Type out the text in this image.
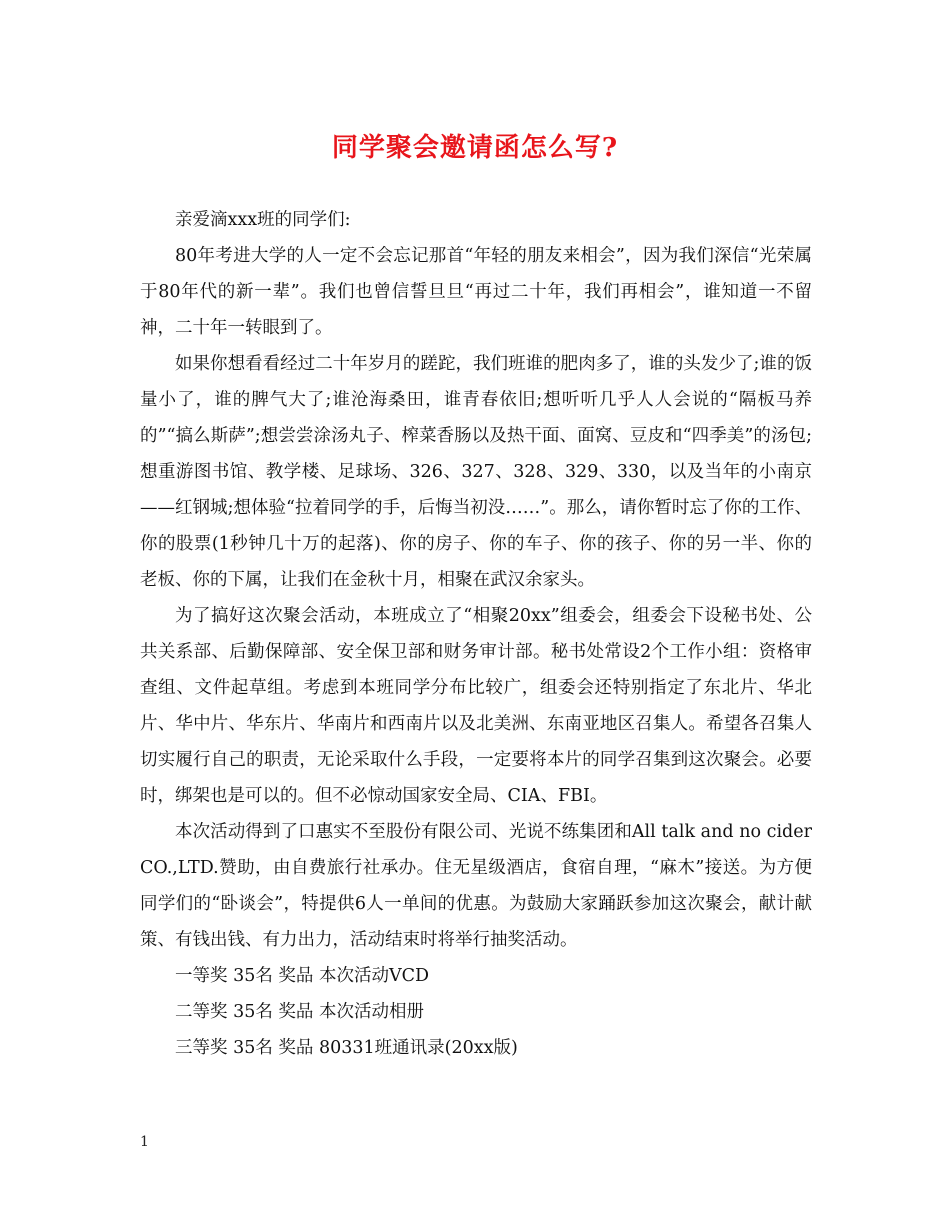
同学聚会邀请函怎么写?

亲爱滴xxx班的同学们:

80年考进大学的人一定不会忘记那首“年轻的朋友来相会”，因为我们深信“光荣属于80年代的新一辈”。我们也曾信誓旦旦“再过二十年，我们再相会”，谁知道一不留神，二十年一转眼到了。

如果你想看看经过二十年岁月的蹉跎，我们班谁的肥肉多了，谁的头发少了;谁的饭量小了，谁的脾气大了;谁沧海桑田，谁青春依旧;想听听几乎人人会说的“隔板马养的”“搞么斯萨”;想尝尝涂汤丸子、榨菜香肠以及热干面、面窝、豆皮和“四季美”的汤包;想重游图书馆、教学楼、足球场、326、327、328、329、330，以及当年的小南京——红钢城;想体验“拉着同学的手，后悔当初没……”。那么，请你暂时忘了你的工作、你的股票(1秒钟几十万的起落)、你的房子、你的车子、你的孩子、你的另一半、你的老板、你的下属，让我们在金秋十月，相聚在武汉余家头。

为了搞好这次聚会活动，本班成立了“相聚20xx”组委会，组委会下设秘书处、公共关系部、后勤保障部、安全保卫部和财务审计部。秘书处常设2个工作小组：资格审查组、文件起草组。考虑到本班同学分布比较广，组委会还特别指定了东北片、华北片、华中片、华东片、华南片和西南片以及北美洲、东南亚地区召集人。希望各召集人切实履行自己的职责，无论采取什么手段，一定要将本片的同学召集到这次聚会。必要时，绑架也是可以的。但不必惊动国家安全局、CIA、FBI。

本次活动得到了口惠实不至股份有限公司、光说不练集团和All talk and no cider CO.,LTD.赞助，由自费旅行社承办。住无星级酒店，食宿自理，“麻木”接送。为方便同学们的“卧谈会”，特提供6人一单间的优惠。为鼓励大家踊跃参加这次聚会，献计献策、有钱出钱、有力出力，活动结束时将举行抽奖活动。

一等奖 35名 奖品 本次活动VCD

二等奖 35名 奖品 本次活动相册

三等奖 35名 奖品 80331班通讯录(20xx版)

1
